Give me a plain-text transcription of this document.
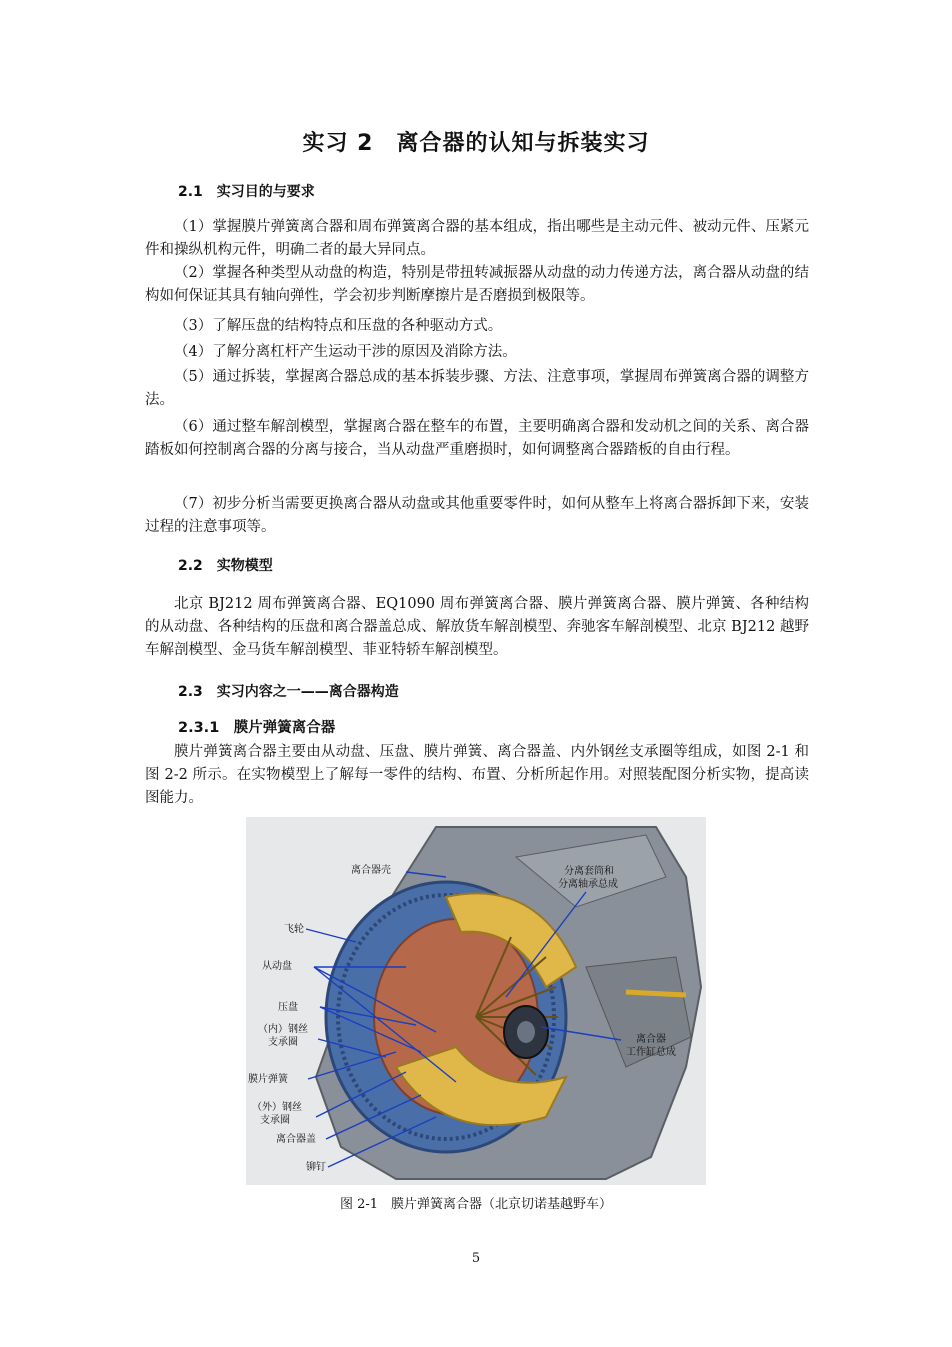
实习 2　离合器的认知与拆装实习
2.1　实习目的与要求

（1）掌握膜片弹簧离合器和周布弹簧离合器的基本组成，指出哪些是主动元件、被动元件、压紧元件和操纵机构元件，明确二者的最大异同点。

（2）掌握各种类型从动盘的构造，特别是带扭转减振器从动盘的动力传递方法，离合器从动盘的结构如何保证其具有轴向弹性，学会初步判断摩擦片是否磨损到极限等。

（3）了解压盘的结构特点和压盘的各种驱动方式。

（4）了解分离杠杆产生运动干涉的原因及消除方法。

（5）通过拆装，掌握离合器总成的基本拆装步骤、方法、注意事项，掌握周布弹簧离合器的调整方法。

（6）通过整车解剖模型，掌握离合器在整车的布置，主要明确离合器和发动机之间的关系、离合器踏板如何控制离合器的分离与接合，当从动盘严重磨损时，如何调整离合器踏板的自由行程。

（7）初步分析当需要更换离合器从动盘或其他重要零件时，如何从整车上将离合器拆卸下来，安装过程的注意事项等。

2.2　实物模型

北京 BJ212 周布弹簧离合器、EQ1090 周布弹簧离合器、膜片弹簧离合器、膜片弹簧、各种结构的从动盘、各种结构的压盘和离合器盖总成、解放货车解剖模型、奔驰客车解剖模型、北京 BJ212 越野车解剖模型、金马货车解剖模型、菲亚特轿车解剖模型。

2.3　实习内容之一——离合器构造
2.3.1　膜片弹簧离合器

膜片弹簧离合器主要由从动盘、压盘、膜片弹簧、离合器盖、内外钢丝支承圈等组成，如图 2-1 和图 2-2 所示。在实物模型上了解每一零件的结构、布置、分析所起作用。对照装配图分析实物，提高读图能力。

离合器壳	分离套筒和
分离轴承总成
飞轮
从动盘
压盘
（内）钢丝
支承圈
膜片弹簧
（外）钢丝
支承圈
离合器盖
铆钉
离合器
工作缸总成
图 2-1　膜片弹簧离合器（北京切诺基越野车）
5
